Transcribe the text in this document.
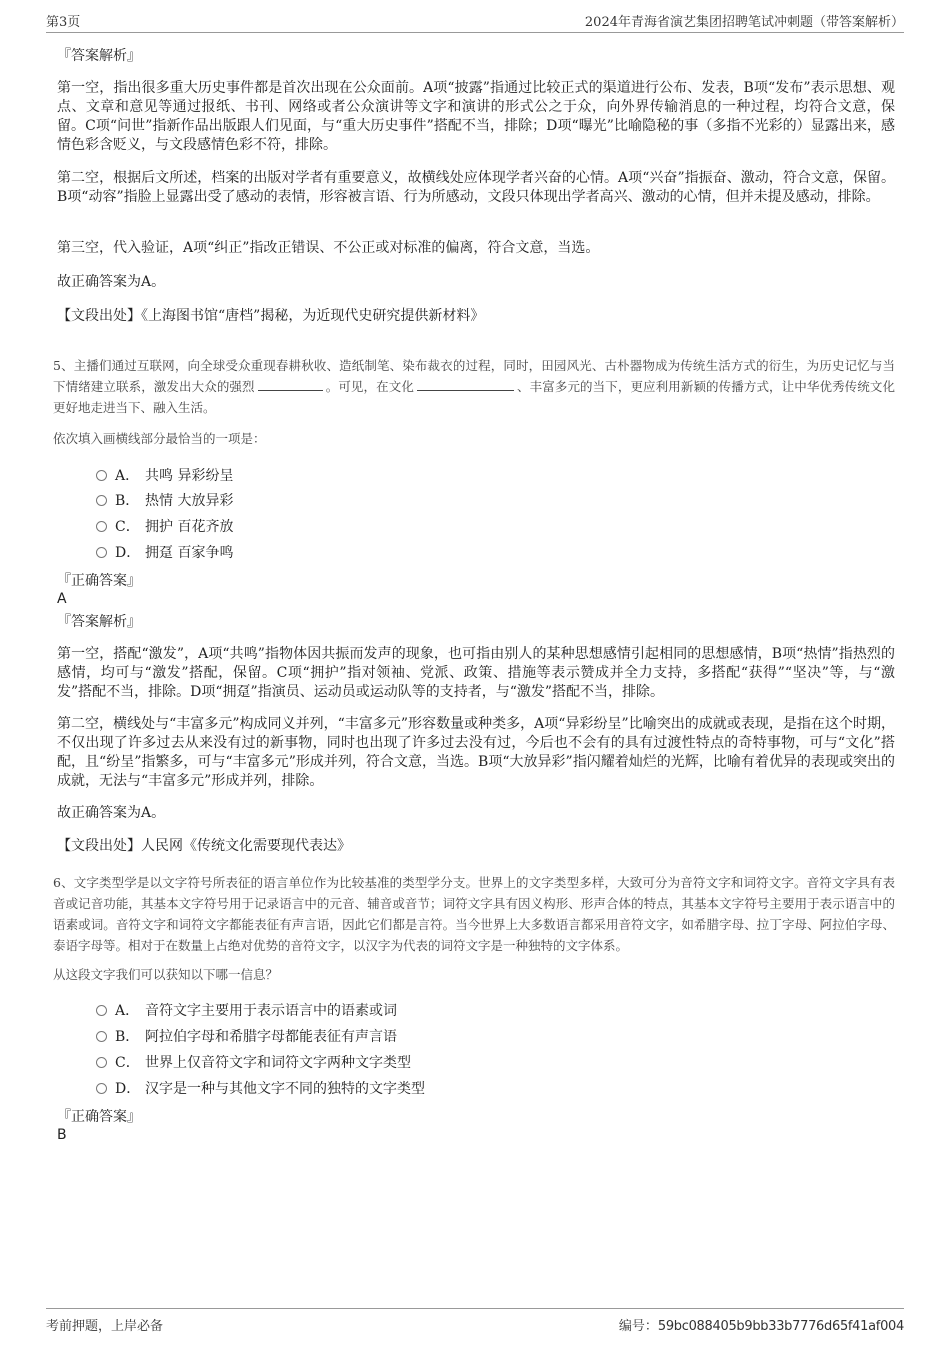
第3页	2024年青海省演艺集团招聘笔试冲刺题（带答案解析）
『答案解析』

第一空，指出很多重大历史事件都是首次出现在公众面前。A项“披露”指通过比较正式的渠道进行公布、发表，B项“发布”表示思想、观点、文章和意见等通过报纸、书刊、网络或者公众演讲等文字和演讲的形式公之于众，向外界传输消息的一种过程，均符合文意，保留。C项“问世”指新作品出版跟人们见面，与“重大历史事件”搭配不当，排除；D项“曝光”比喻隐秘的事（多指不光彩的）显露出来，感情色彩含贬义，与文段感情色彩不符，排除。

第二空，根据后文所述，档案的出版对学者有重要意义，故横线处应体现学者兴奋的心情。A项“兴奋”指振奋、激动，符合文意，保留。B项“动容”指脸上显露出受了感动的表情，形容被言语、行为所感动，文段只体现出学者高兴、激动的心情，但并未提及感动，排除。

第三空，代入验证，A项“纠正”指改正错误、不公正或对标准的偏离，符合文意，当选。

故正确答案为A。

【文段出处】《上海图书馆“唐档”揭秘，为近现代史研究提供新材料》

5、主播们通过互联网，向全球受众重现春耕秋收、造纸制笔、染布裁衣的过程，同时，田园风光、古朴器物成为传统生活方式的衍生，为历史记忆与当下情绪建立联系，激发出大众的强烈	。可见，在文化	、丰富多元的当下，更应利用新颖的传播方式，让中华优秀传统文化更好地走进当下、融入生活。

依次填入画横线部分最恰当的一项是：
A． 共鸣 异彩纷呈
B． 热情 大放异彩
C． 拥护 百花齐放
D． 拥趸 百家争鸣
『正确答案』
A
『答案解析』

第一空，搭配“激发”，A项“共鸣”指物体因共振而发声的现象，也可指由别人的某种思想感情引起相同的思想感情，B项“热情”指热烈的感情，均可与“激发”搭配，保留。C项“拥护”指对领袖、党派、政策、措施等表示赞成并全力支持，多搭配“获得”“坚决”等，与“激发”搭配不当，排除。D项“拥趸”指演员、运动员或运动队等的支持者，与“激发”搭配不当，排除。

第二空，横线处与“丰富多元”构成同义并列，“丰富多元”形容数量或种类多，A项“异彩纷呈”比喻突出的成就或表现，是指在这个时期，不仅出现了许多过去从来没有过的新事物，同时也出现了许多过去没有过，今后也不会有的具有过渡性特点的奇特事物，可与“文化”搭配，且“纷呈”指繁多，可与“丰富多元”形成并列，符合文意，当选。B项“大放异彩”指闪耀着灿烂的光辉，比喻有着优异的表现或突出的成就，无法与“丰富多元”形成并列，排除。

故正确答案为A。

【文段出处】人民网《传统文化需要现代表达》

6、文字类型学是以文字符号所表征的语言单位作为比较基准的类型学分支。世界上的文字类型多样，大致可分为音符文字和词符文字。音符文字具有表音或记音功能，其基本文字符号用于记录语言中的元音、辅音或音节；词符文字具有因义构形、形声合体的特点，其基本文字符号主要用于表示语言中的语素或词。音符文字和词符文字都能表征有声言语，因此它们都是言符。当今世界上大多数语言都采用音符文字，如希腊字母、拉丁字母、阿拉伯字母、泰语字母等。相对于在数量上占绝对优势的音符文字，以汉字为代表的词符文字是一种独特的文字体系。

从这段文字我们可以获知以下哪一信息？
A． 音符文字主要用于表示语言中的语素或词
B． 阿拉伯字母和希腊字母都能表征有声言语
C． 世界上仅音符文字和词符文字两种文字类型
D． 汉字是一种与其他文字不同的独特的文字类型
『正确答案』
B
考前押题，上岸必备	编号：59bc088405b9bb33b7776d65f41af004
